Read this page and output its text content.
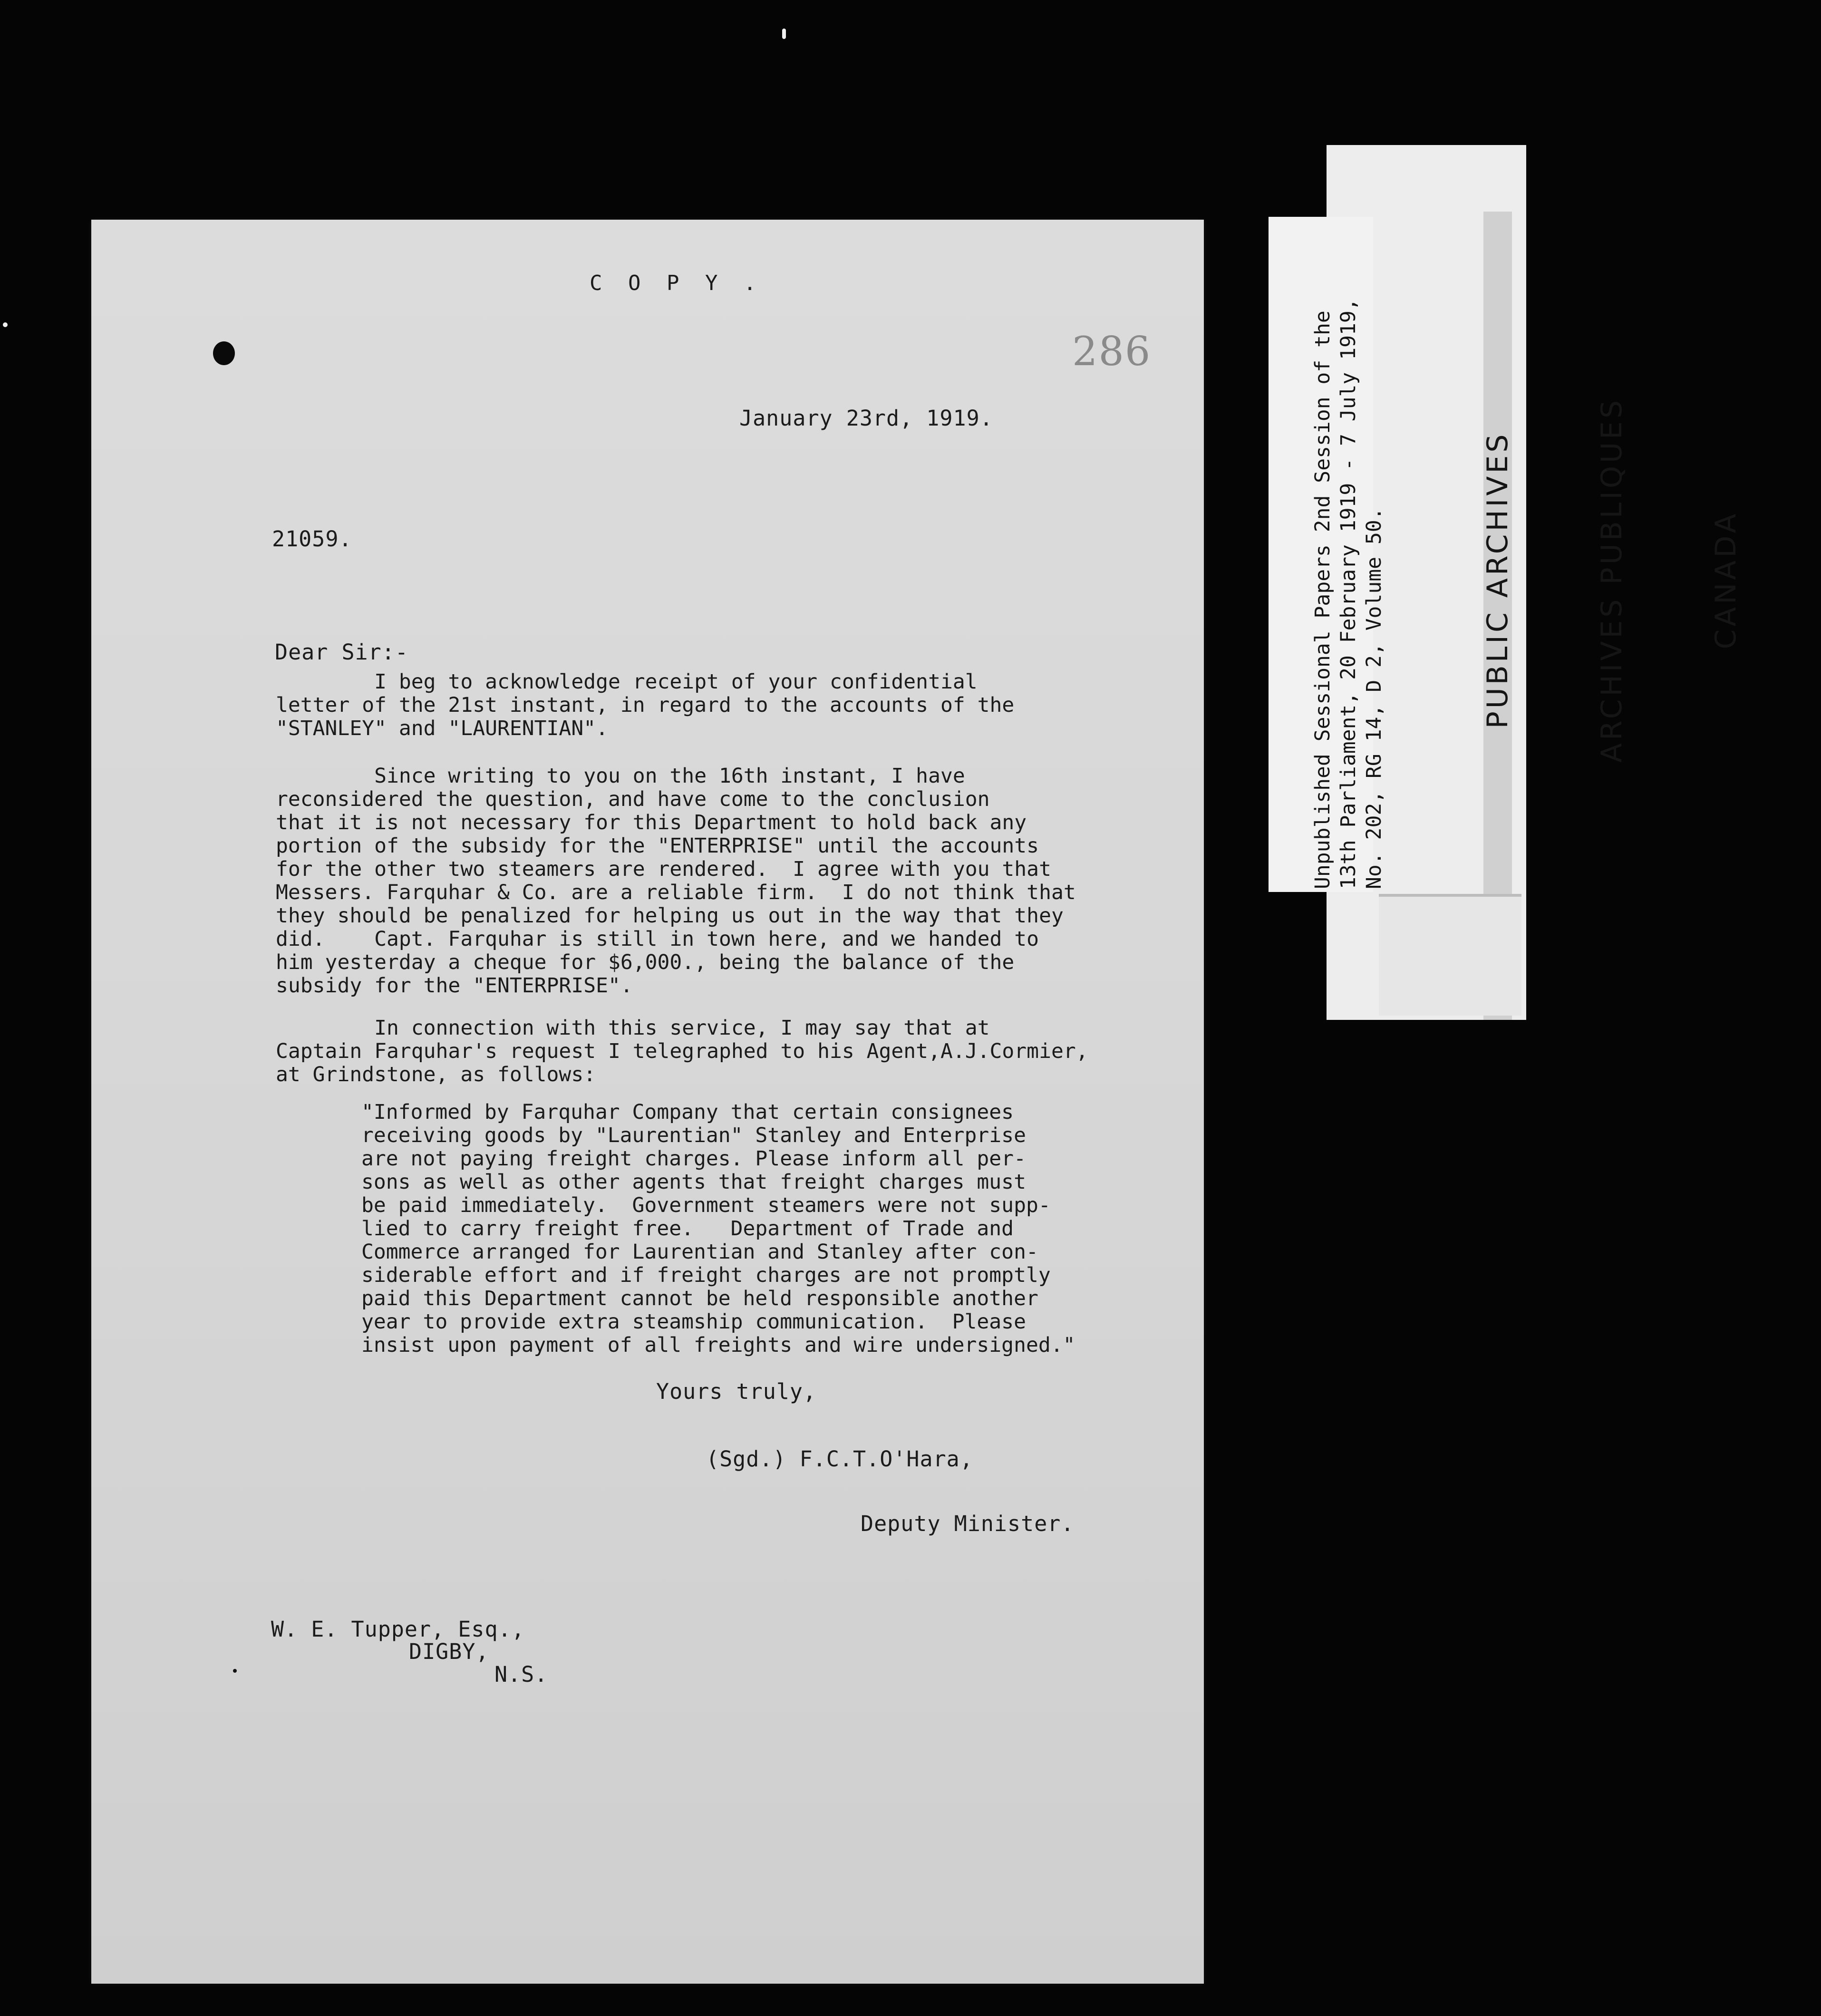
C O P Y .
286
January 23rd, 1919.
21059.
Dear Sir:-
I beg to acknowledge receipt of your confidential
letter of the 21st instant, in regard to the accounts of the
"STANLEY" and "LAURENTIAN".
Since writing to you on the 16th instant, I have
reconsidered the question, and have come to the conclusion
that it is not necessary for this Department to hold back any
portion of the subsidy for the "ENTERPRISE" until the accounts
for the other two steamers are rendered.  I agree with you that
Messers. Farquhar & Co. are a reliable firm.  I do not think that
they should be penalized for helping us out in the way that they
did.    Capt. Farquhar is still in town here, and we handed to
him yesterday a cheque for $6,000., being the balance of the
subsidy for the "ENTERPRISE".
In connection with this service, I may say that at
Captain Farquhar's request I telegraphed to his Agent,A.J.Cormier,
at Grindstone, as follows:
"Informed by Farquhar Company that certain consignees
receiving goods by "Laurentian" Stanley and Enterprise
are not paying freight charges. Please inform all per-
sons as well as other agents that freight charges must
be paid immediately.  Government steamers were not supp-
lied to carry freight free.   Department of Trade and
Commerce arranged for Laurentian and Stanley after con-
siderable effort and if freight charges are not promptly
paid this Department cannot be held responsible another
year to provide extra steamship communication.  Please
insist upon payment of all freights and wire undersigned."
Yours truly,
(Sgd.) F.C.T.O'Hara,
Deputy Minister.
W. E. Tupper, Esq.,
DIGBY,
N.S.
Unpublished Sessional Papers 2nd Session of the
13th Parliament, 20 February 1919 - 7 July 1919,
No. 202, RG 14, D 2, Volume 50.

	PUBLIC ARCHIVES

	ARCHIVES PUBLIQUES

	CANADA
